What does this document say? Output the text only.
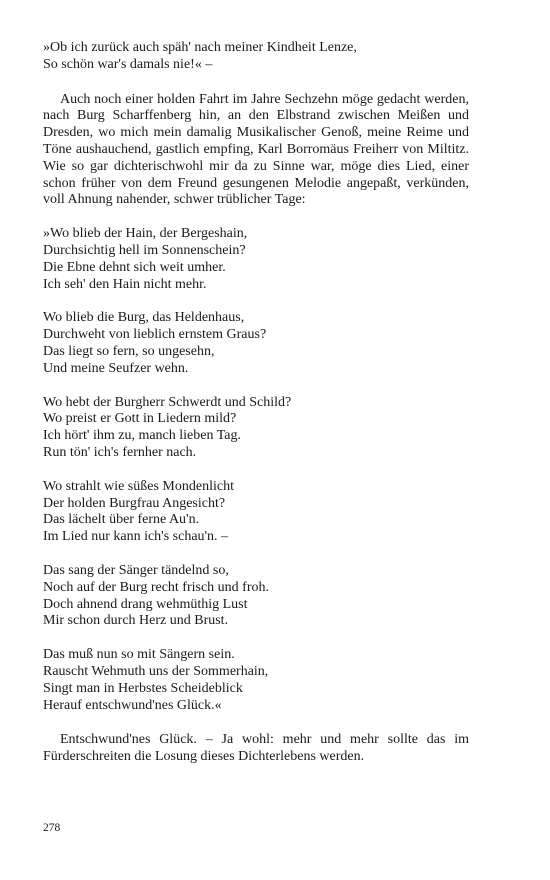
»Ob ich zurück auch späh' nach meiner Kindheit Lenze,
So schön war's damals nie!« –
Auch noch einer holden Fahrt im Jahre Sechzehn möge gedacht werden, nach Burg Scharffenberg hin, an den Elbstrand zwischen Meißen und Dresden, wo mich mein damalig Musikalischer Genoß, meine Reime und Töne aushauchend, gastlich empfing, Karl Borromäus Freiherr von Miltitz. Wie so gar dichterischwohl mir da zu Sinne war, möge dies Lied, einer schon früher von dem Freund gesungenen Melodie angepaßt, verkünden, voll Ahnung nahender, schwer trüblicher Tage:
»Wo blieb der Hain, der Bergeshain,
Durchsichtig hell im Sonnenschein?
Die Ebne dehnt sich weit umher.
Ich seh' den Hain nicht mehr.
Wo blieb die Burg, das Heldenhaus,
Durchweht von lieblich ernstem Graus?
Das liegt so fern, so ungesehn,
Und meine Seufzer wehn.
Wo hebt der Burgherr Schwerdt und Schild?
Wo preist er Gott in Liedern mild?
Ich hört' ihm zu, manch lieben Tag.
Run tön' ich's fernher nach.
Wo strahlt wie süßes Mondenlicht
Der holden Burgfrau Angesicht?
Das lächelt über ferne Au'n.
Im Lied nur kann ich's schau'n. –
Das sang der Sänger tändelnd so,
Noch auf der Burg recht frisch und froh.
Doch ahnend drang wehmüthig Lust
Mir schon durch Herz und Brust.
Das muß nun so mit Sängern sein.
Rauscht Wehmuth uns der Sommerhain,
Singt man in Herbstes Scheideblick
Herauf entschwund'nes Glück.«
Entschwund'nes Glück. – Ja wohl: mehr und mehr sollte das im Fürderschreiten die Losung dieses Dichterlebens werden.
278
